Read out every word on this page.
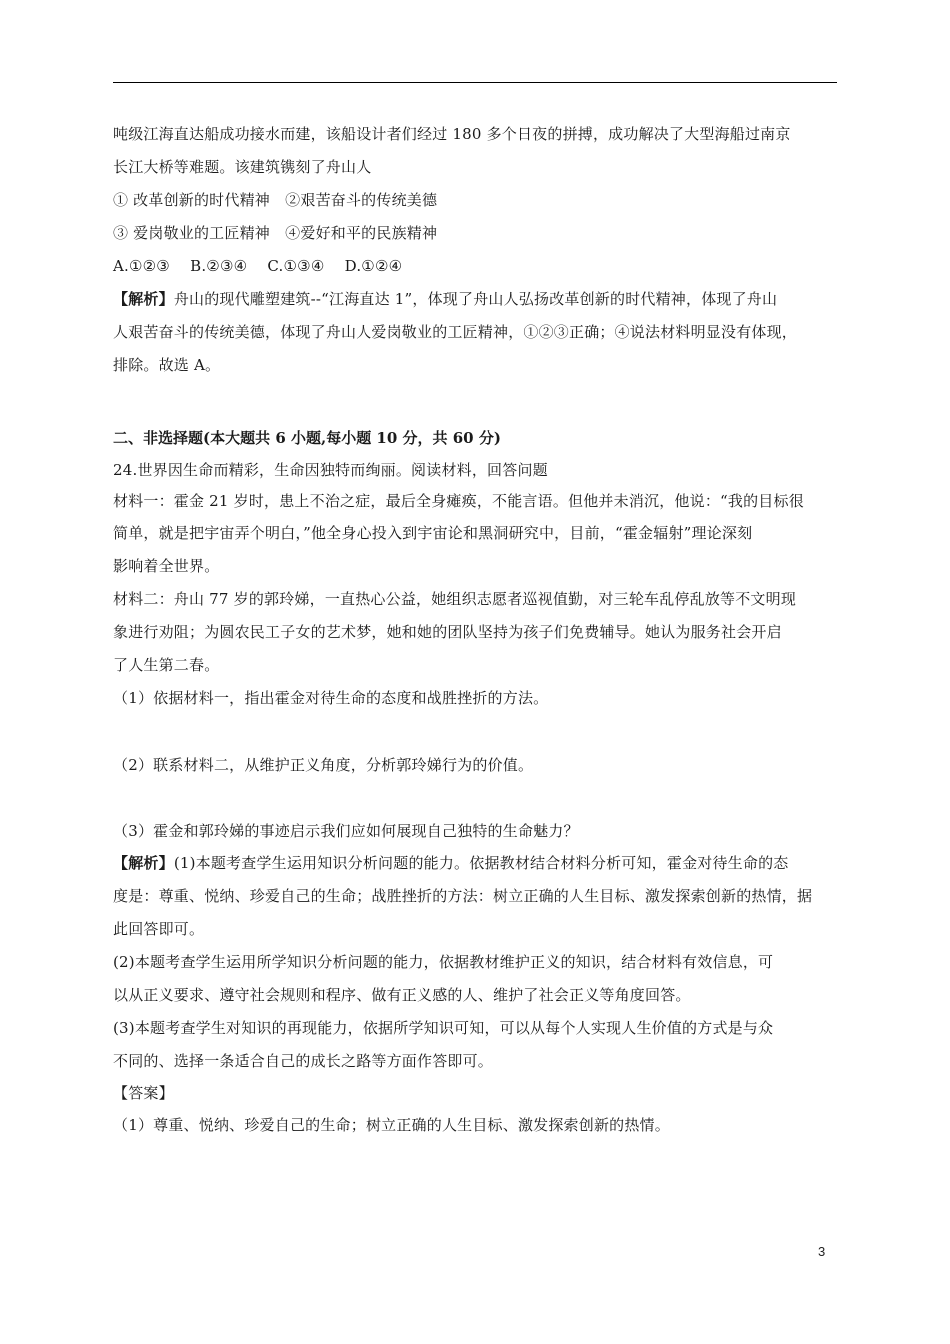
吨级江海直达船成功接水而建，该船设计者们经过 180 多个日夜的拼搏，成功解决了大型海船过南京
长江大桥等难题。该建筑镌刻了舟山人
① 改革创新的时代精神　②艰苦奋斗的传统美德
③ 爱岗敬业的工匠精神　④爱好和平的民族精神
A.①②③　 B.②③④　 C.①③④　 D.①②④
【解析】舟山的现代雕塑建筑--“江海直达 1”，体现了舟山人弘扬改革创新的时代精神，体现了舟山
人艰苦奋斗的传统美德，体现了舟山人爱岗敬业的工匠精神，①②③正确；④说法材料明显没有体现，
排除。故选 A。
二、非选择题(本大题共 6 小题,每小题 10 分，共 60 分)
24.世界因生命而精彩，生命因独特而绚丽。阅读材料，回答问题
材料一：霍金 21 岁时，患上不治之症，最后全身瘫痪，不能言语。但他并未消沉，他说：“我的目标很
简单，就是把宇宙弄个明白，”他全身心投入到宇宙论和黑洞研究中，目前，“霍金辐射”理论深刻
影响着全世界。
材料二：舟山 77 岁的郭玲娣，一直热心公益，她组织志愿者巡视值勤，对三轮车乱停乱放等不文明现
象进行劝阻；为圆农民工子女的艺术梦，她和她的团队坚持为孩子们免费辅导。她认为服务社会开启
了人生第二春。
（1）依据材料一，指出霍金对待生命的态度和战胜挫折的方法。
（2）联系材料二，从维护正义角度，分析郭玲娣行为的价值。
（3）霍金和郭玲娣的事迹启示我们应如何展现自己独特的生命魅力？
【解析】(1)本题考查学生运用知识分析问题的能力。依据教材结合材料分析可知，霍金对待生命的态
度是：尊重、悦纳、珍爱自己的生命；战胜挫折的方法：树立正确的人生目标、激发探索创新的热情，据
此回答即可。
(2)本题考查学生运用所学知识分析问题的能力，依据教材维护正义的知识，结合材料有效信息，可
以从正义要求、遵守社会规则和程序、做有正义感的人、维护了社会正义等角度回答。
(3)本题考查学生对知识的再现能力，依据所学知识可知，可以从每个人实现人生价值的方式是与众
不同的、选择一条适合自己的成长之路等方面作答即可。
【答案】
（1）尊重、悦纳、珍爱自己的生命；树立正确的人生目标、激发探索创新的热情。
3
